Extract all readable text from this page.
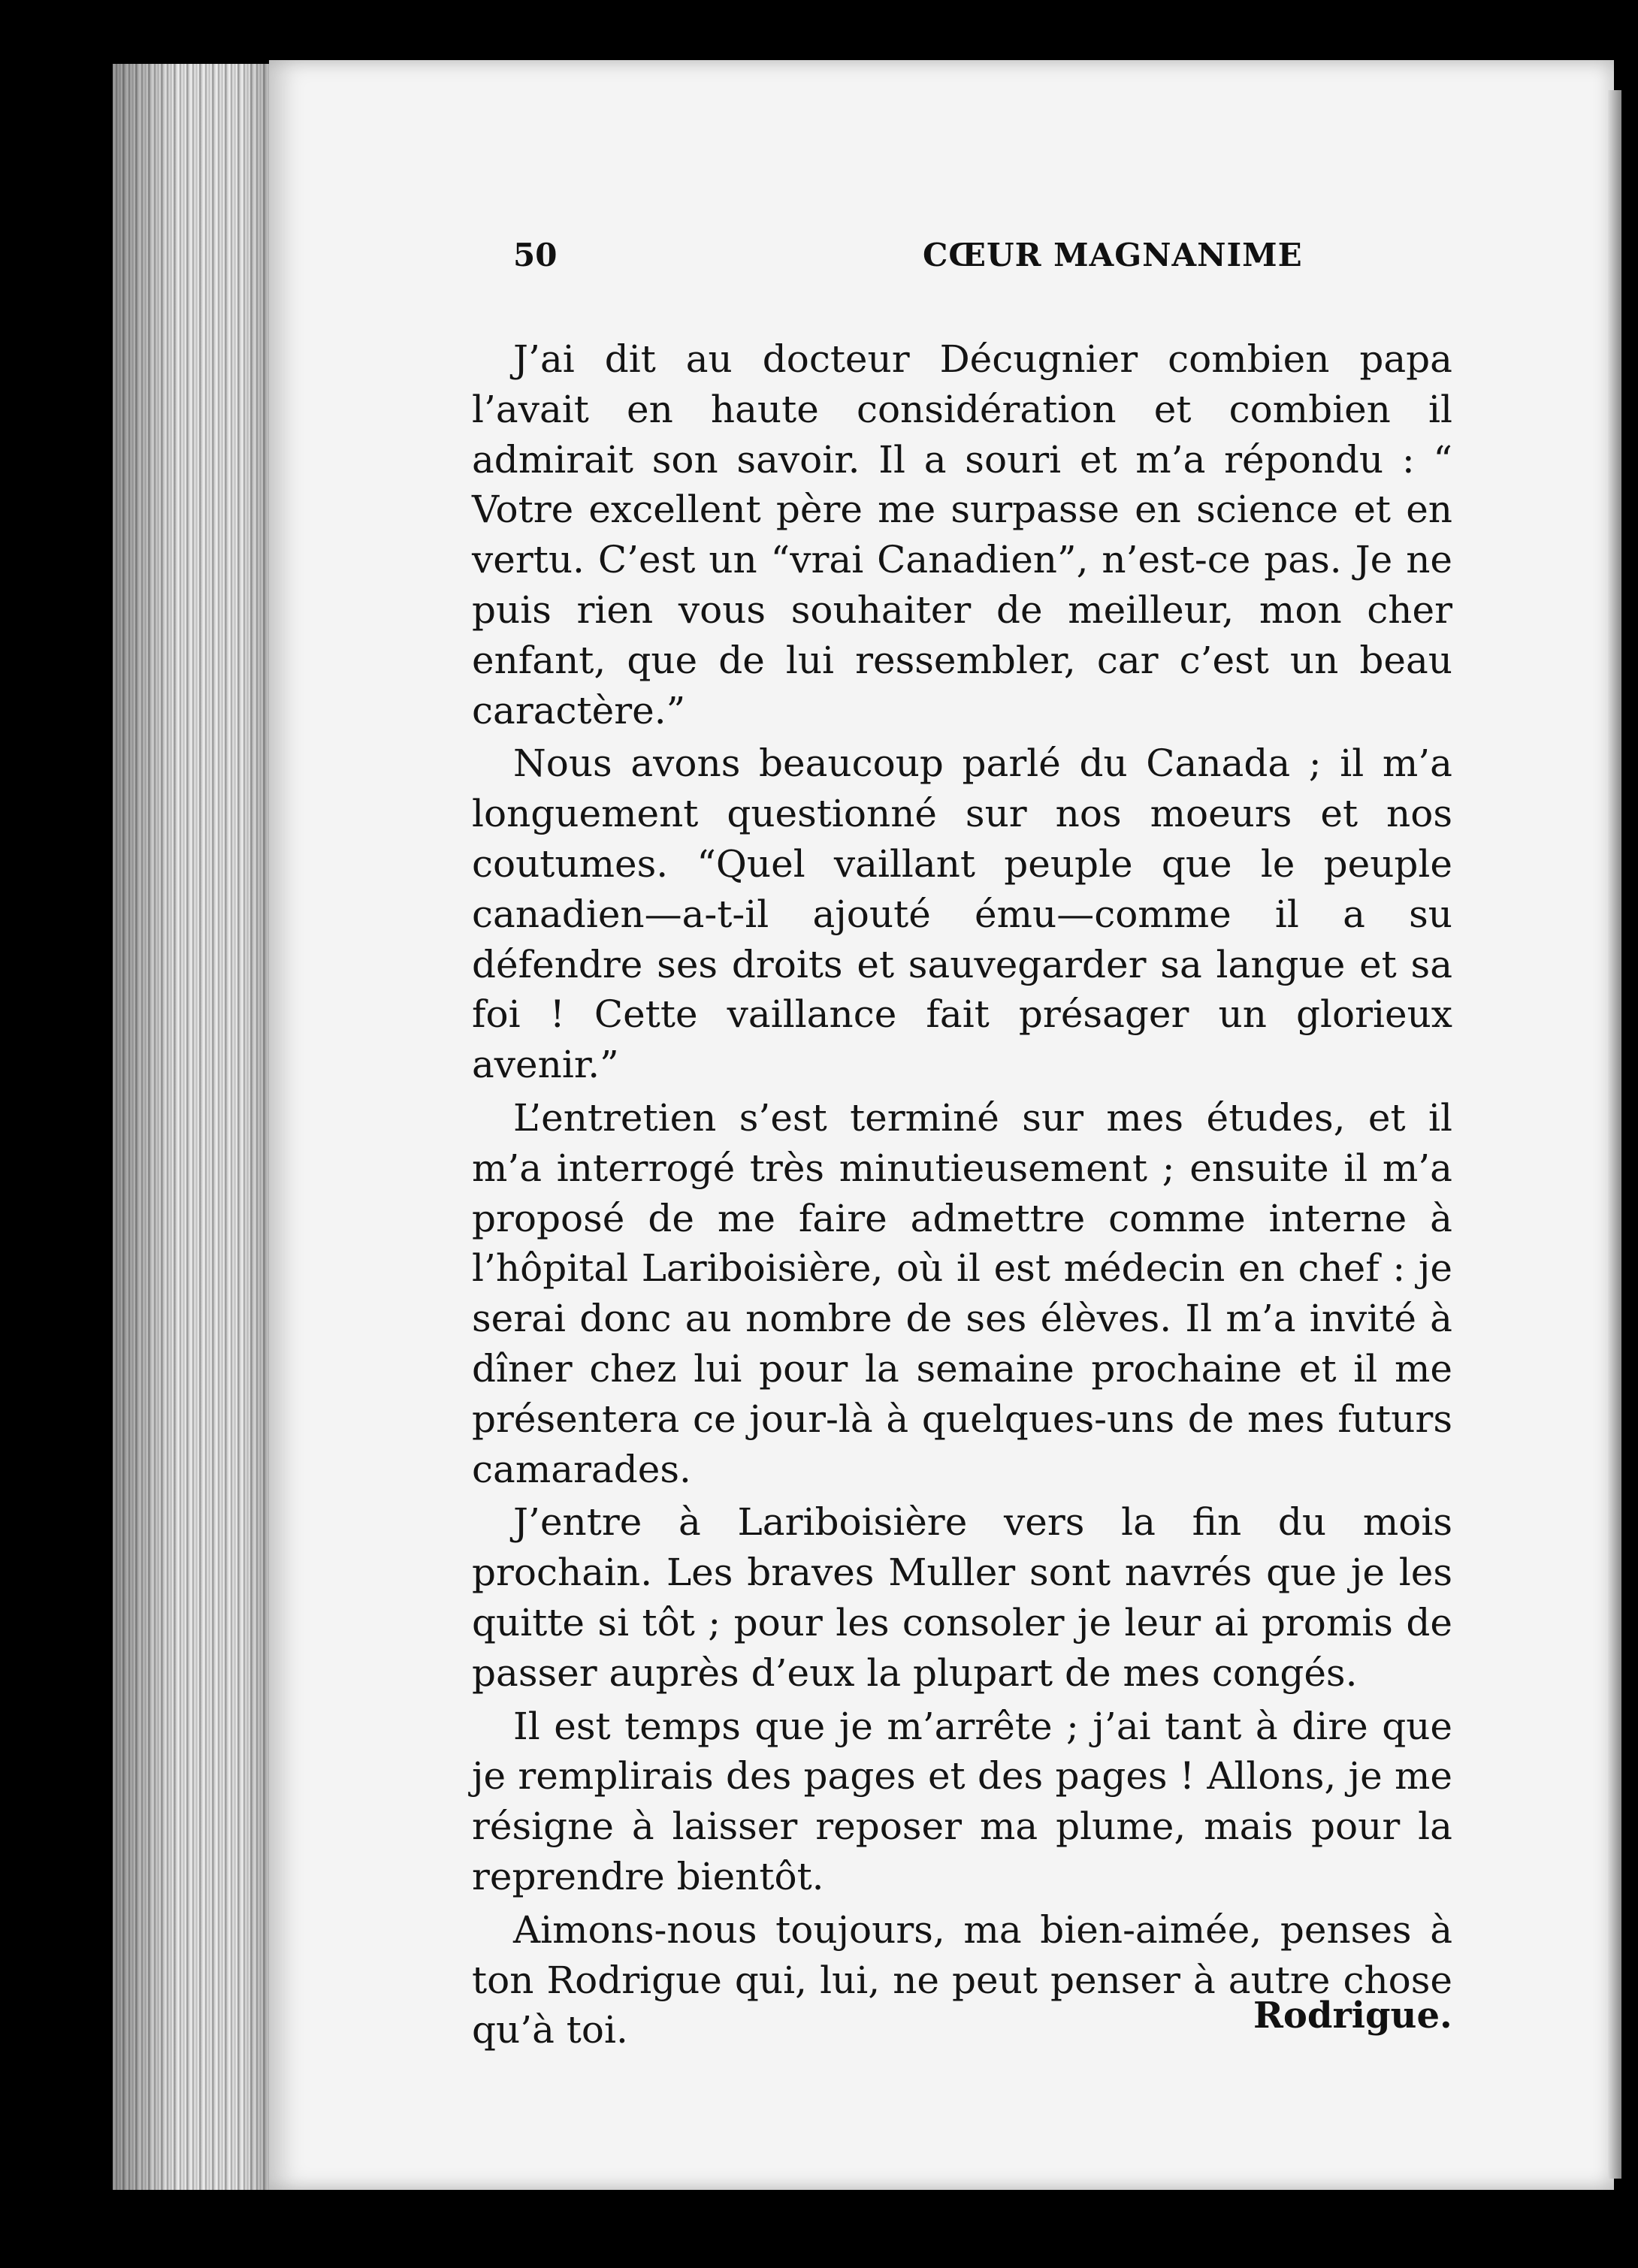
50	CŒUR MAGNANIME

J’ai dit au docteur Décugnier combien papa l’avait en haute considération et combien il admirait son savoir. Il a souri et m’a répondu : “ Votre excellent père me surpasse en science et en vertu. C’est un “vrai Canadien”, n’est-ce pas. Je ne puis rien vous souhaiter de meilleur, mon cher enfant, que de lui ressembler, car c’est un beau caractère.”

Nous avons beaucoup parlé du Canada ; il m’a longuement questionné sur nos moeurs et nos coutumes. “Quel vaillant peuple que le peuple canadien—a-t-il ajouté ému—comme il a su défendre ses droits et sauvegarder sa langue et sa foi ! Cette vaillance fait présager un glorieux avenir.”

L’entretien s’est terminé sur mes études, et il m’a interrogé très minutieusement ; ensuite il m’a proposé de me faire admettre comme interne à l’hôpital Lariboisière, où il est médecin en chef : je serai donc au nombre de ses élèves. Il m’a invité à dîner chez lui pour la semaine prochaine et il me présentera ce jour-là à quelques-uns de mes futurs camarades.

J’entre à Lariboisière vers la fin du mois prochain. Les braves Muller sont navrés que je les quitte si tôt ; pour les consoler je leur ai promis de passer auprès d’eux la plupart de mes congés.

Il est temps que je m’arrête ; j’ai tant à dire que je remplirais des pages et des pages ! Allons, je me résigne à laisser reposer ma plume, mais pour la reprendre bientôt.

Aimons-nous toujours, ma bien-aimée, penses à ton Rodrigue qui, lui, ne peut penser à autre chose qu’à toi.	Rodrigue.
